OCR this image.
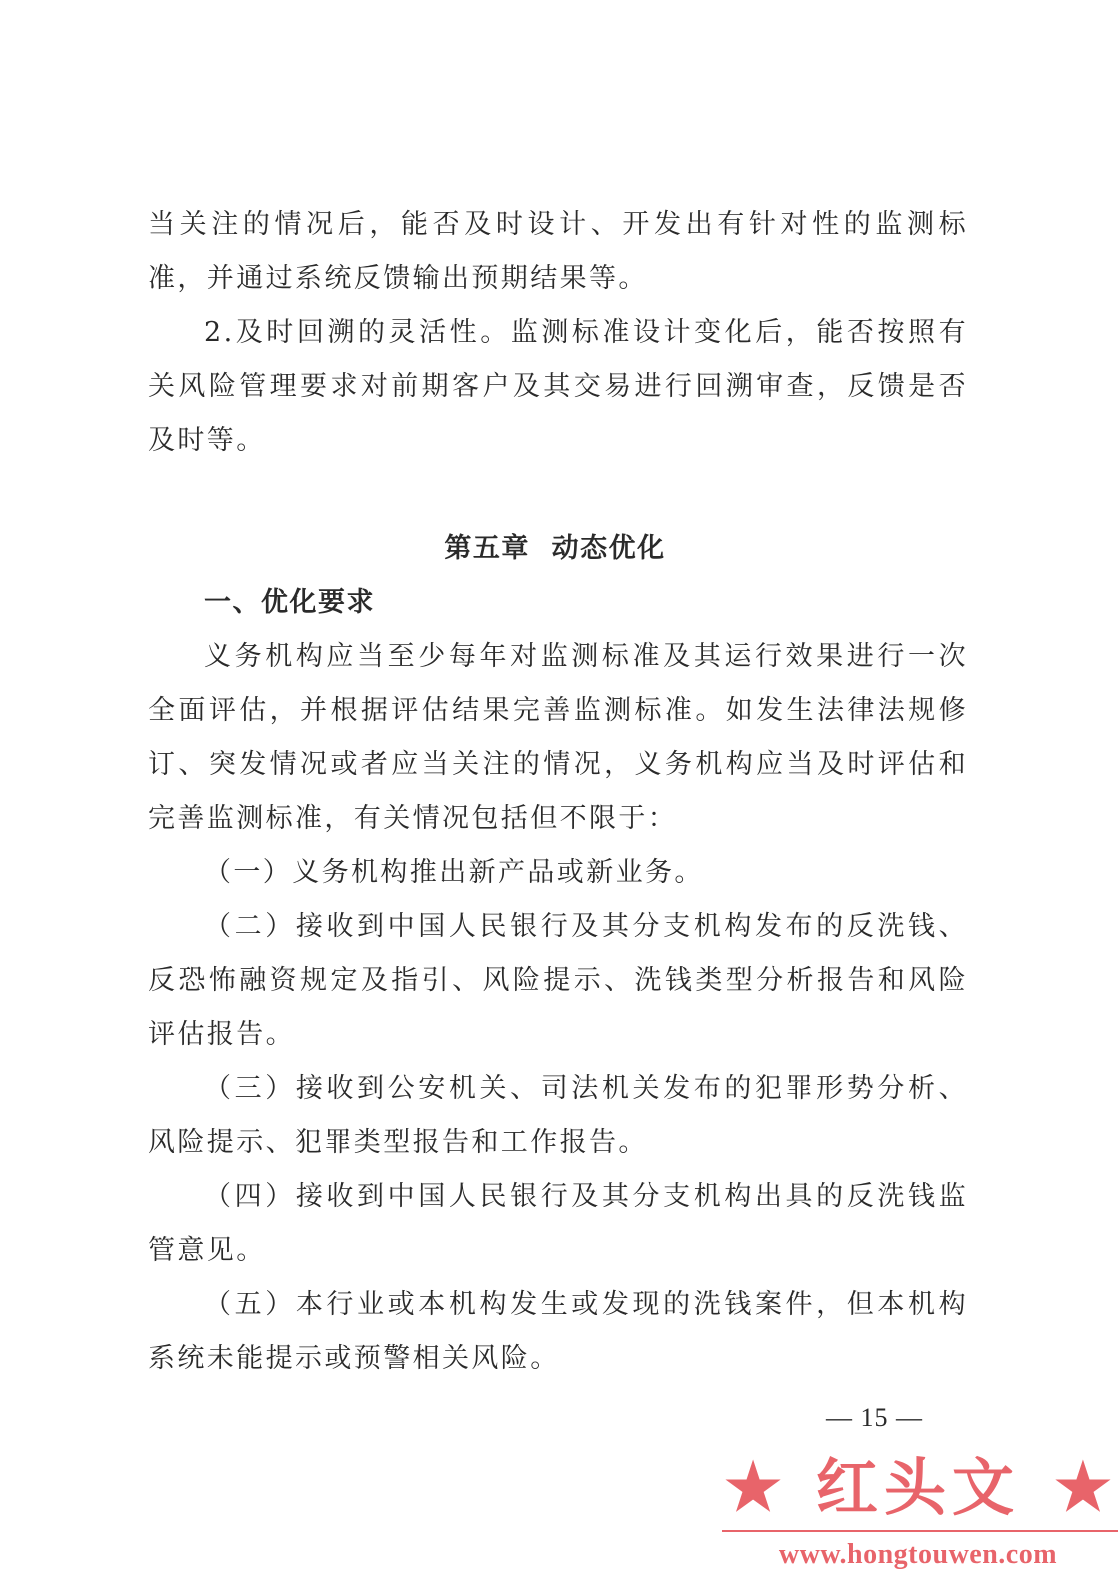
当关注的情况后，能否及时设计、开发出有针对性的监测标准，并通过系统反馈输出预期结果等。

2.及时回溯的灵活性。监测标准设计变化后，能否按照有关风险管理要求对前期客户及其交易进行回溯审查，反馈是否及时等。

第五章  动态优化
一、优化要求

义务机构应当至少每年对监测标准及其运行效果进行一次全面评估，并根据评估结果完善监测标准。如发生法律法规修订、突发情况或者应当关注的情况，义务机构应当及时评估和完善监测标准，有关情况包括但不限于：

（一）义务机构推出新产品或新业务。

（二）接收到中国人民银行及其分支机构发布的反洗钱、反恐怖融资规定及指引、风险提示、洗钱类型分析报告和风险评估报告。

（三）接收到公安机关、司法机关发布的犯罪形势分析、风险提示、犯罪类型报告和工作报告。

（四）接收到中国人民银行及其分支机构出具的反洗钱监管意见。

（五）本行业或本机构发生或发现的洗钱案件，但本机构系统未能提示或预警相关风险。

— 15 —

★ 红头文 ★
www.hongtouwen.com
